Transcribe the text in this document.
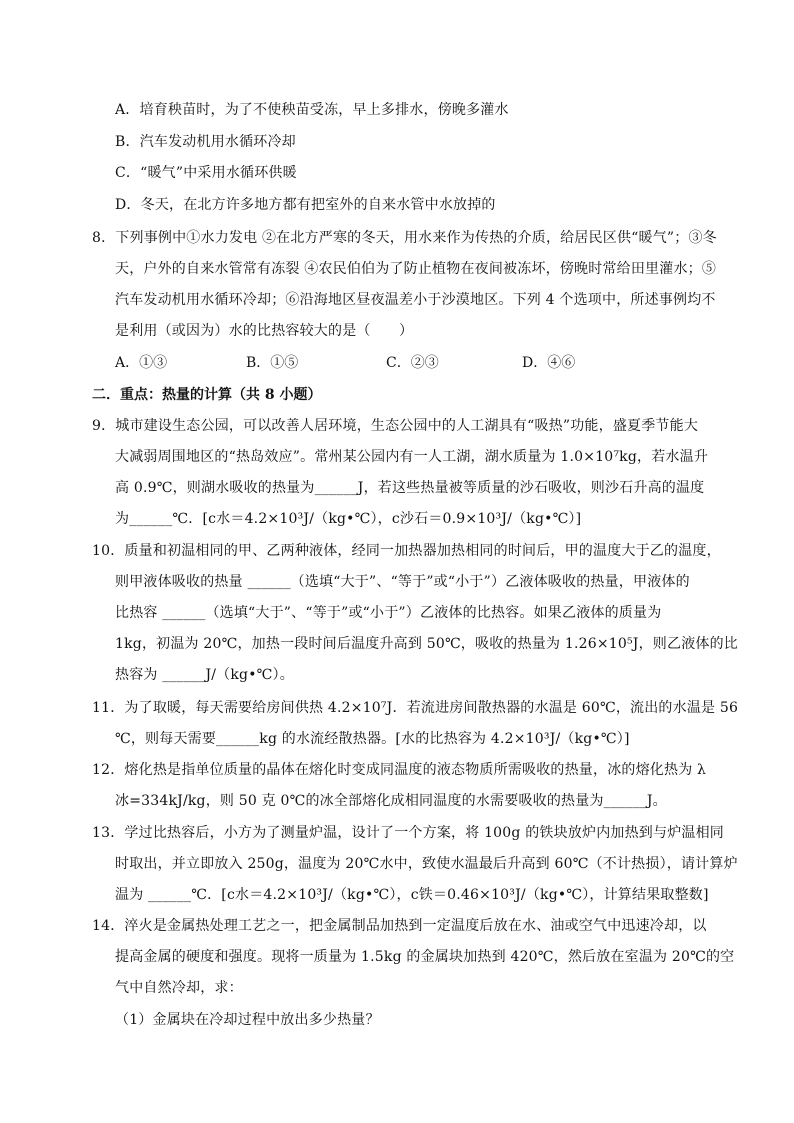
A．培育秧苗时，为了不使秧苗受冻，早上多排水，傍晚多灌水
B．汽车发动机用水循环冷却
C．“暖气”中采用水循环供暖
D．冬天，在北方许多地方都有把室外的自来水管中水放掉的
8．下列事例中①水力发电 ②在北方严寒的冬天，用水来作为传热的介质，给居民区供“暖气”；③冬
天，户外的自来水管常有冻裂 ④农民伯伯为了防止植物在夜间被冻坏，傍晚时常给田里灌水；⑤
汽车发动机用水循环冷却；⑥沿海地区昼夜温差小于沙漠地区。下列 4 个选项中，所述事例均不
是利用（或因为）水的比热容较大的是（　　）
A．①③	B．①⑤	C．②③	D．④⑥
二．重点：热量的计算（共 8 小题）
9．城市建设生态公园，可以改善人居环境，生态公园中的人工湖具有“吸热”功能，盛夏季节能大
大减弱周围地区的“热岛效应”。常州某公园内有一人工湖，湖水质量为 1.0×10⁷kg，若水温升
高 0.9℃，则湖水吸收的热量为______J，若这些热量被等质量的沙石吸收，则沙石升高的温度
为______℃．[c水＝4.2×10³J/（kg•℃），c沙石＝0.9×10³J/（kg•℃）]
10．质量和初温相同的甲、乙两种液体，经同一加热器加热相同的时间后，甲的温度大于乙的温度，
则甲液体吸收的热量 ______（选填“大于”、“等于”或“小于”）乙液体吸收的热量，甲液体的
比热容 ______（选填“大于”、“等于”或“小于”）乙液体的比热容。如果乙液体的质量为
1kg，初温为 20℃，加热一段时间后温度升高到 50℃，吸收的热量为 1.26×10⁵J，则乙液体的比
热容为 ______J/（kg•℃）。
11．为了取暖，每天需要给房间供热 4.2×10⁷J．若流进房间散热器的水温是 60℃，流出的水温是 56
℃，则每天需要______kg 的水流经散热器。[水的比热容为 4.2×10³J/（kg•℃）]
12．熔化热是指单位质量的晶体在熔化时变成同温度的液态物质所需吸收的热量，冰的熔化热为 λ
冰=334kJ/kg，则 50 克 0℃的冰全部熔化成相同温度的水需要吸收的热量为______J。
13．学过比热容后，小方为了测量炉温，设计了一个方案，将 100g 的铁块放炉内加热到与炉温相同
时取出，并立即放入 250g，温度为 20℃水中，致使水温最后升高到 60℃（不计热损），请计算炉
温为 ______℃．[c水＝4.2×10³J/（kg•℃），c铁＝0.46×10³J/（kg•℃），计算结果取整数]
14．淬火是金属热处理工艺之一，把金属制品加热到一定温度后放在水、油或空气中迅速冷却，以
提高金属的硬度和强度。现将一质量为 1.5kg 的金属块加热到 420℃，然后放在室温为 20℃的空
气中自然冷却，求：
（1）金属块在冷却过程中放出多少热量？
